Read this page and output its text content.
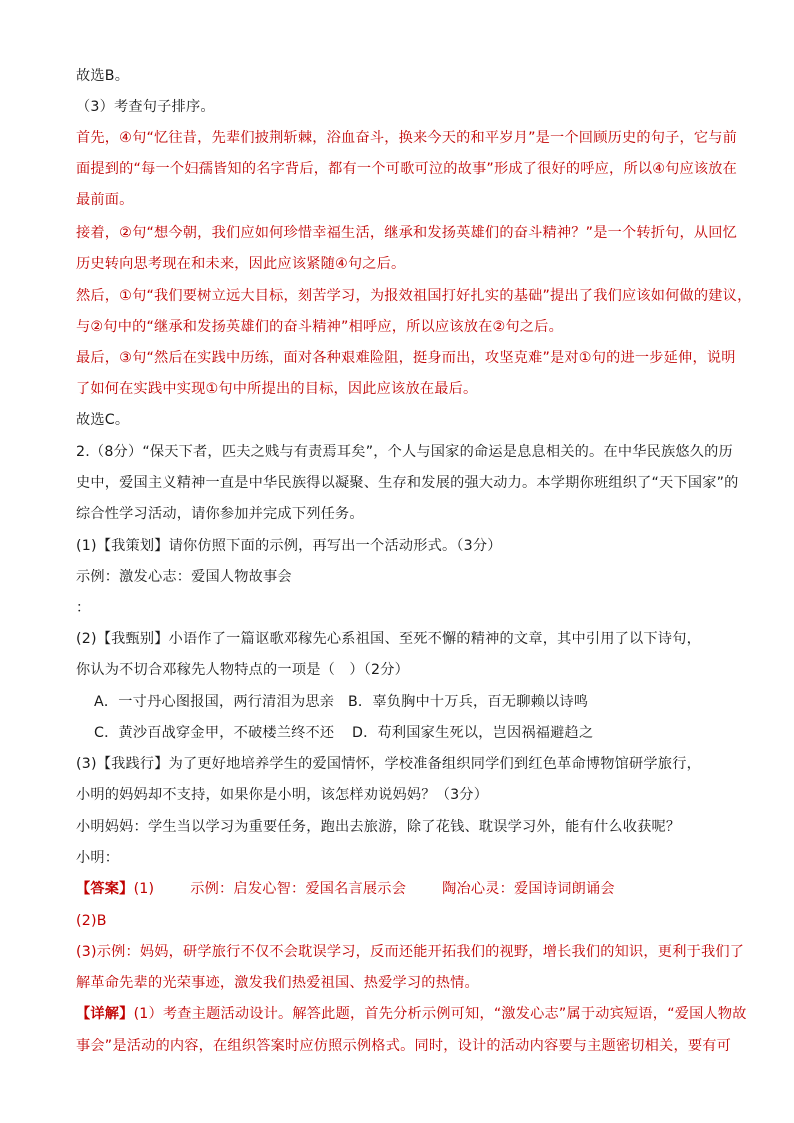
故选B。
（3）考查句子排序。
首先，④句“忆往昔，先辈们披荆斩棘，浴血奋斗，换来今天的和平岁月”是一个回顾历史的句子，它与前
面提到的“每一个妇孺皆知的名字背后，都有一个可歌可泣的故事”形成了很好的呼应，所以④句应该放在
最前面。
接着，②句“想今朝，我们应如何珍惜幸福生活，继承和发扬英雄们的奋斗精神？”是一个转折句，从回忆
历史转向思考现在和未来，因此应该紧随④句之后。
然后，①句“我们要树立远大目标，刻苦学习，为报效祖国打好扎实的基础”提出了我们应该如何做的建议，
与②句中的“继承和发扬英雄们的奋斗精神”相呼应，所以应该放在②句之后。
最后，③句“然后在实践中历练，面对各种艰难险阻，挺身而出，攻坚克难”是对①句的进一步延伸，说明
了如何在实践中实现①句中所提出的目标，因此应该放在最后。
故选C。
2.（8分）“保天下者，匹夫之贱与有责焉耳矣”，个人与国家的命运是息息相关的。在中华民族悠久的历
史中，爱国主义精神一直是中华民族得以凝聚、生存和发展的强大动力。本学期你班组织了“天下国家”的
综合性学习活动，请你参加并完成下列任务。
(1)【我策划】请你仿照下面的示例，再写出一个活动形式。（3分）
示例：激发心志：爱国人物故事会
：
(2)【我甄别】小语作了一篇讴歌邓稼先心系祖国、至死不懈的精神的文章，其中引用了以下诗句，
你认为不切合邓稼先人物特点的一项是（　）（2分）
A．一寸丹心图报国，两行清泪为思亲 B．辜负胸中十万兵，百无聊赖以诗鸣
C．黄沙百战穿金甲，不破楼兰终不还	D．苟利国家生死以，岂因祸福避趋之
(3)【我践行】为了更好地培养学生的爱国情怀，学校准备组织同学们到红色革命博物馆研学旅行，
小明的妈妈却不支持，如果你是小明，该怎样劝说妈妈？（3分）
小明妈妈：学生当以学习为重要任务，跑出去旅游，除了花钱、耽误学习外，能有什么收获呢？
小明：
【答案】(1)	示例：启发心智：爱国名言展示会	陶冶心灵：爱国诗词朗诵会
(2)B
(3)示例：妈妈，研学旅行不仅不会耽误学习，反而还能开拓我们的视野，增长我们的知识，更利于我们了
解革命先辈的光荣事迹，激发我们热爱祖国、热爱学习的热情。
【详解】(1）考查主题活动设计。解答此题，首先分析示例可知，“激发心志”属于动宾短语，“爱国人物故
事会”是活动的内容，在组织答案时应仿照示例格式。同时，设计的活动内容要与主题密切相关，要有可
